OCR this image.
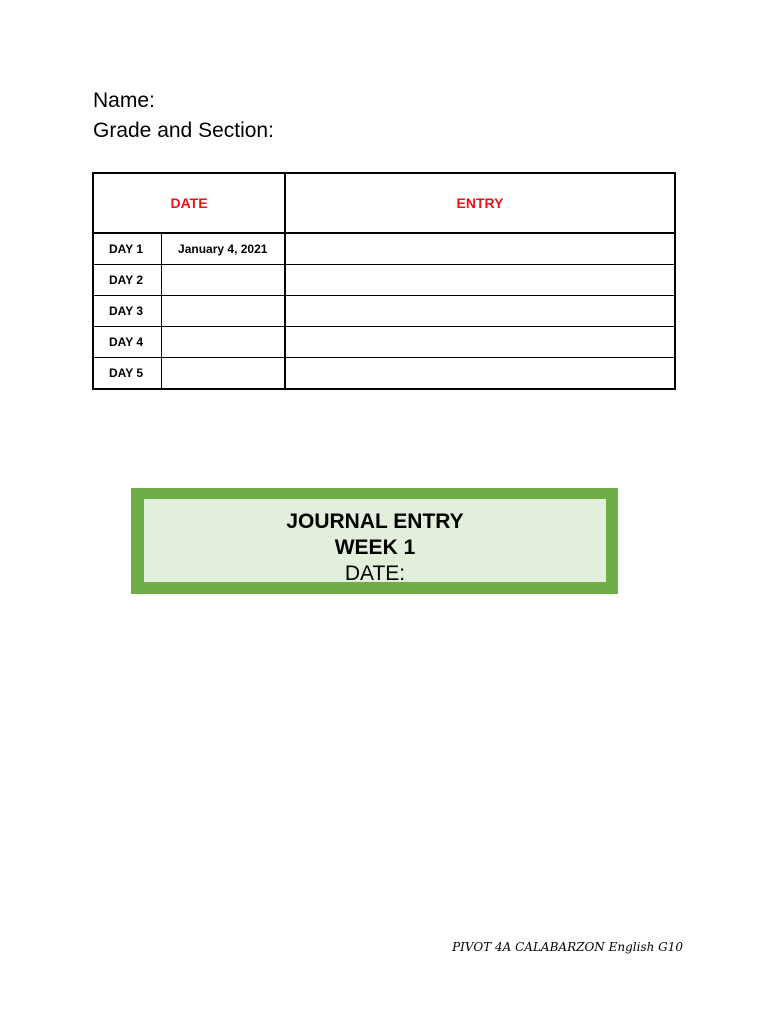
Name:
Grade and Section:
DATE		ENTRY
DAY 1	January 4, 2021	
DAY 2		
DAY 3		
DAY 4		
DAY 5		
JOURNAL ENTRY
WEEK 1
DATE:
PIVOT 4A CALABARZON English G10
